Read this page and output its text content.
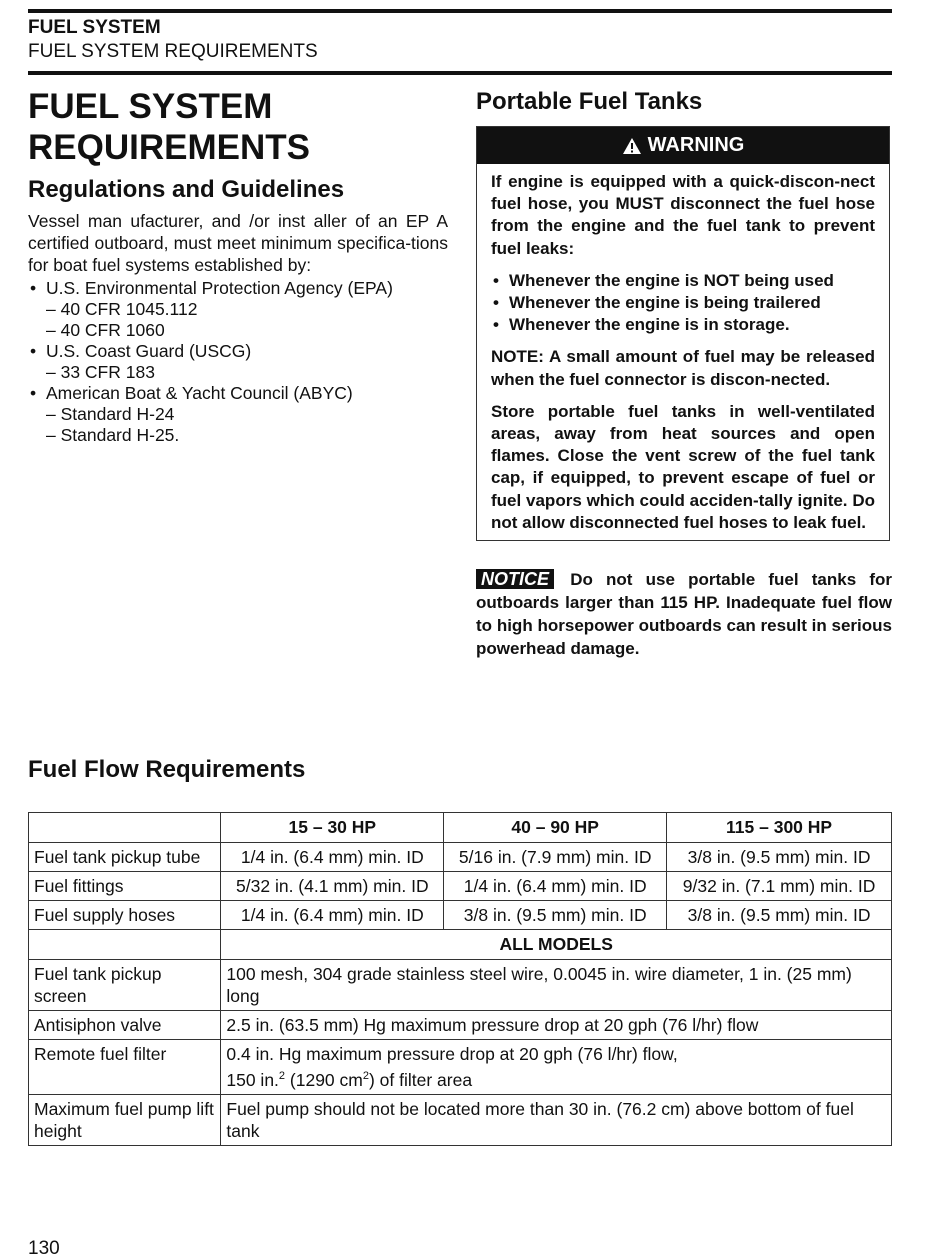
FUEL SYSTEM
FUEL SYSTEM REQUIREMENTS
FUEL SYSTEM
REQUIREMENTS
Regulations and Guidelines

Vessel man ufacturer, and /or inst aller of an EP A certified outboard, must meet minimum specifica-tions for boat fuel systems established by:

• U.S. Environmental Protection Agency (EPA)
– 40 CFR 1045.112
– 40 CFR 1060
• U.S. Coast Guard (USCG)
– 33 CFR 183
• American Boat & Yacht Council (ABYC)
– Standard H-24
– Standard H-25.
Portable Fuel Tanks
WARNING

If engine is equipped with a quick-discon-nect fuel hose, you MUST disconnect the fuel hose from the engine and the fuel tank to prevent fuel leaks:

• Whenever the engine is NOT being used
• Whenever the engine is being trailered
• Whenever the engine is in storage.

NOTE: A small amount of fuel may be released when the fuel connector is discon-nected.

Store portable fuel tanks in well-ventilated areas, away from heat sources and open flames. Close the vent screw of the fuel tank cap, if equipped, to prevent escape of fuel or fuel vapors which could acciden-tally ignite. Do not allow disconnected fuel hoses to leak fuel.

NOTICE Do not use portable fuel tanks for outboards larger than 115 HP. Inadequate fuel flow to high horsepower outboards can result in serious powerhead damage.
Fuel Flow Requirements
	15 – 30 HP	40 – 90 HP	115 – 300 HP
Fuel tank pickup tube	1/4 in. (6.4 mm) min. ID	5/16 in. (7.9 mm) min. ID	3/8 in. (9.5 mm) min. ID
Fuel fittings	5/32 in. (4.1 mm) min. ID	1/4 in. (6.4 mm) min. ID	9/32 in. (7.1 mm) min. ID
Fuel supply hoses	1/4 in. (6.4 mm) min. ID	3/8 in. (9.5 mm) min. ID	3/8 in. (9.5 mm) min. ID
	ALL MODELS		
Fuel tank pickup screen	100 mesh, 304 grade stainless steel wire, 0.0045 in. wire diameter, 1 in. (25 mm) long		
Antisiphon valve	2.5 in. (63.5 mm) Hg maximum pressure drop at 20 gph (76 l/hr) flow		
Remote fuel filter	0.4 in. Hg maximum pressure drop at 20 gph (76 l/hr) flow,
150 in.$^2$ (1290 $cm^2$) of filter area		
Maximum fuel pump lift height	Fuel pump should not be located more than 30 in. (76.2 cm) above bottom of fuel tank		
130
